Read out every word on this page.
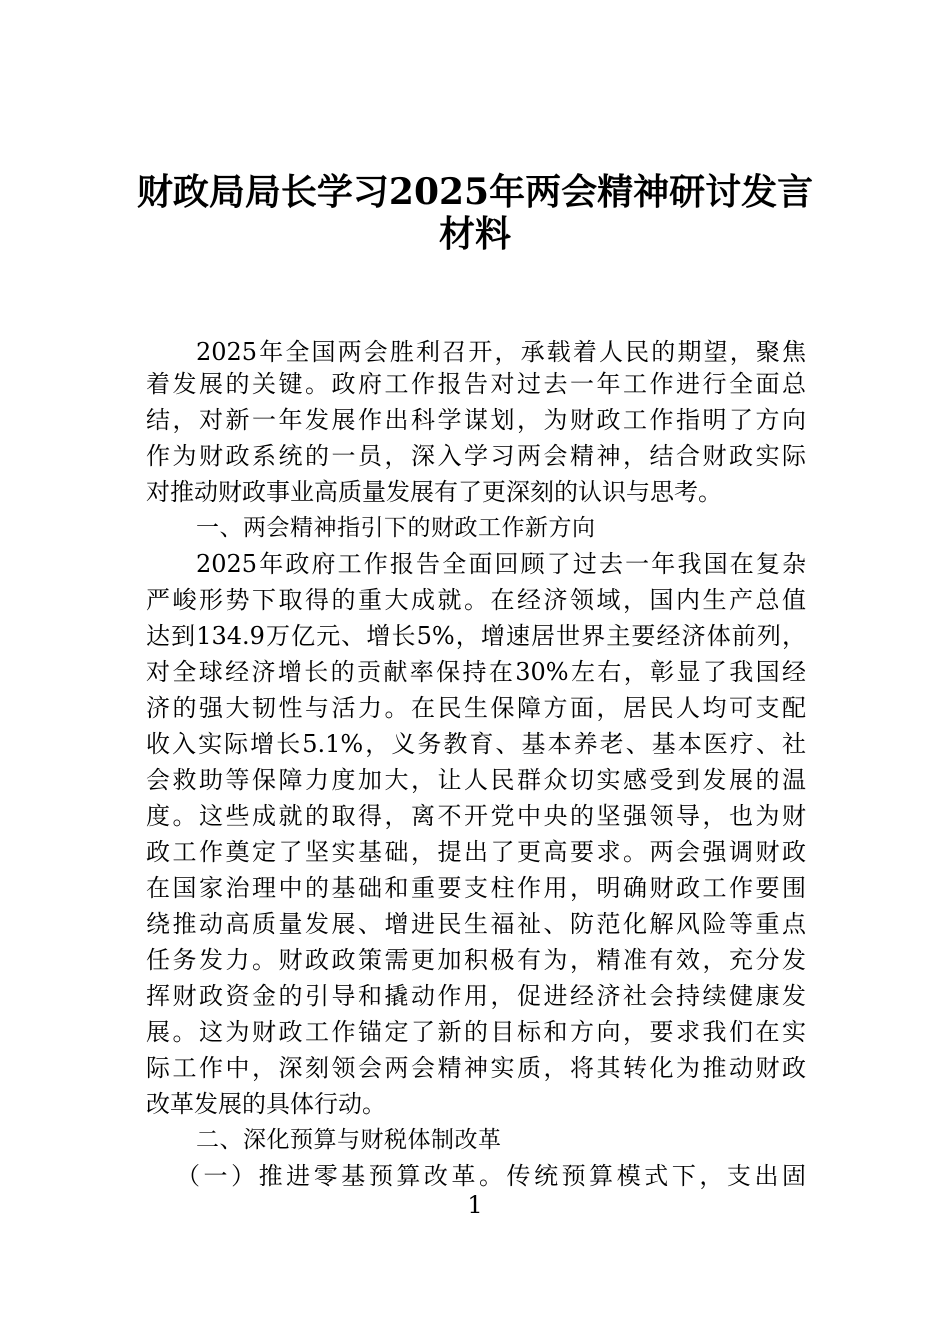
财政局局长学习2025年两会精神研讨发言
材料
2025年全国两会胜利召开，承载着人民的期望，聚焦
着发展的关键。政府工作报告对过去一年工作进行全面总
结，对新一年发展作出科学谋划，为财政工作指明了方向
作为财政系统的一员，深入学习两会精神，结合财政实际
对推动财政事业高质量发展有了更深刻的认识与思考。
一、两会精神指引下的财政工作新方向
2025年政府工作报告全面回顾了过去一年我国在复杂
严峻形势下取得的重大成就。在经济领域，国内生产总值
达到134.9万亿元、增长5%，增速居世界主要经济体前列，
对全球经济增长的贡献率保持在30%左右，彰显了我国经
济的强大韧性与活力。在民生保障方面，居民人均可支配
收入实际增长5.1%，义务教育、基本养老、基本医疗、社
会救助等保障力度加大，让人民群众切实感受到发展的温
度。这些成就的取得，离不开党中央的坚强领导，也为财
政工作奠定了坚实基础，提出了更高要求。两会强调财政
在国家治理中的基础和重要支柱作用，明确财政工作要围
绕推动高质量发展、增进民生福祉、防范化解风险等重点
任务发力。财政政策需更加积极有为，精准有效，充分发
挥财政资金的引导和撬动作用，促进经济社会持续健康发
展。这为财政工作锚定了新的目标和方向，要求我们在实
际工作中，深刻领会两会精神实质，将其转化为推动财政
改革发展的具体行动。
二、深化预算与财税体制改革
（一）推进零基预算改革。传统预算模式下，支出固
1
